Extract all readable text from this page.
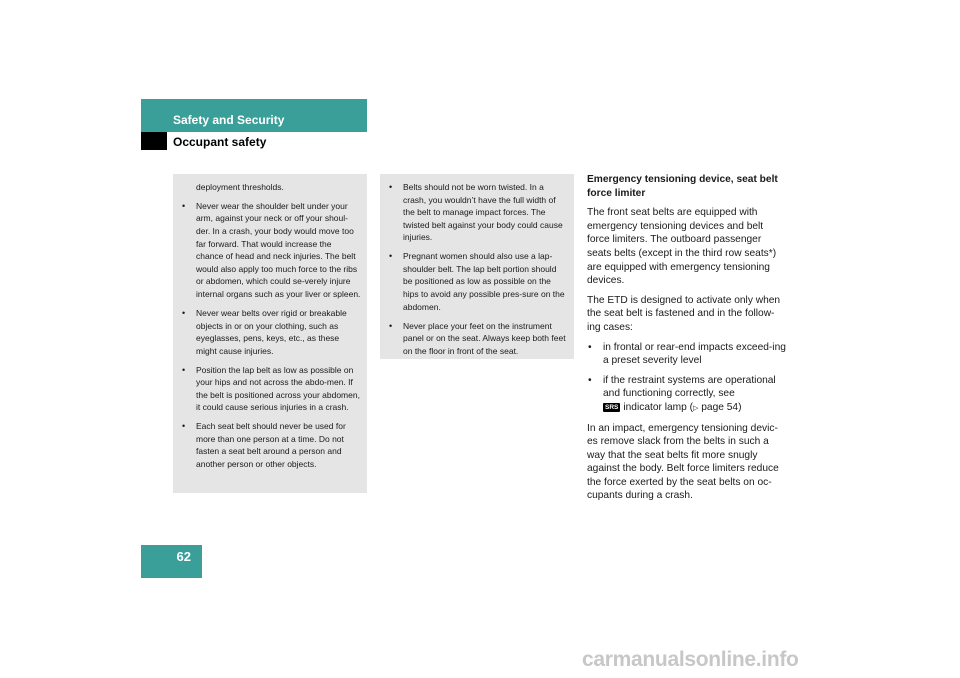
Safety and Security
Occupant safety

deployment thresholds.

• Never wear the shoulder belt under your arm, against your neck or off your shoul-der. In a crash, your body would move too far forward. That would increase the chance of head and neck injuries. The belt would also apply too much force to the ribs or abdomen, which could se-verely injure internal organs such as your liver or spleen.
• Never wear belts over rigid or breakable objects in or on your clothing, such as eyeglasses, pens, keys, etc., as these might cause injuries.
• Position the lap belt as low as possible on your hips and not across the abdo-men. If the belt is positioned across your abdomen, it could cause serious injuries in a crash.
• Each seat belt should never be used for more than one person at a time. Do not fasten a seat belt around a person and another person or other objects.
• Belts should not be worn twisted. In a crash, you wouldn’t have the full width of the belt to manage impact forces. The twisted belt against your body could cause injuries.
• Pregnant women should also use a lap-shoulder belt. The lap belt portion should be positioned as low as possible on the hips to avoid any possible pres-sure on the abdomen.
• Never place your feet on the instrument panel or on the seat. Always keep both feet on the floor in front of the seat.
Emergency tensioning device, seat belt force limiter

The front seat belts are equipped with emergency tensioning devices and belt force limiters. The outboard passenger seats belts (except in the third row seats*) are equipped with emergency tensioning devices.

The ETD is designed to activate only when the seat belt is fastened and in the follow-ing cases:

• in frontal or rear-end impacts exceed-ing a preset severity level
• if the restraint systems are operational and functioning correctly, see
SRS indicator lamp (▷ page 54)

In an impact, emergency tensioning devic-es remove slack from the belts in such a way that the seat belts fit more snugly against the body. Belt force limiters reduce the force exerted by the seat belts on oc-cupants during a crash.

62
carmanualsonline.info
